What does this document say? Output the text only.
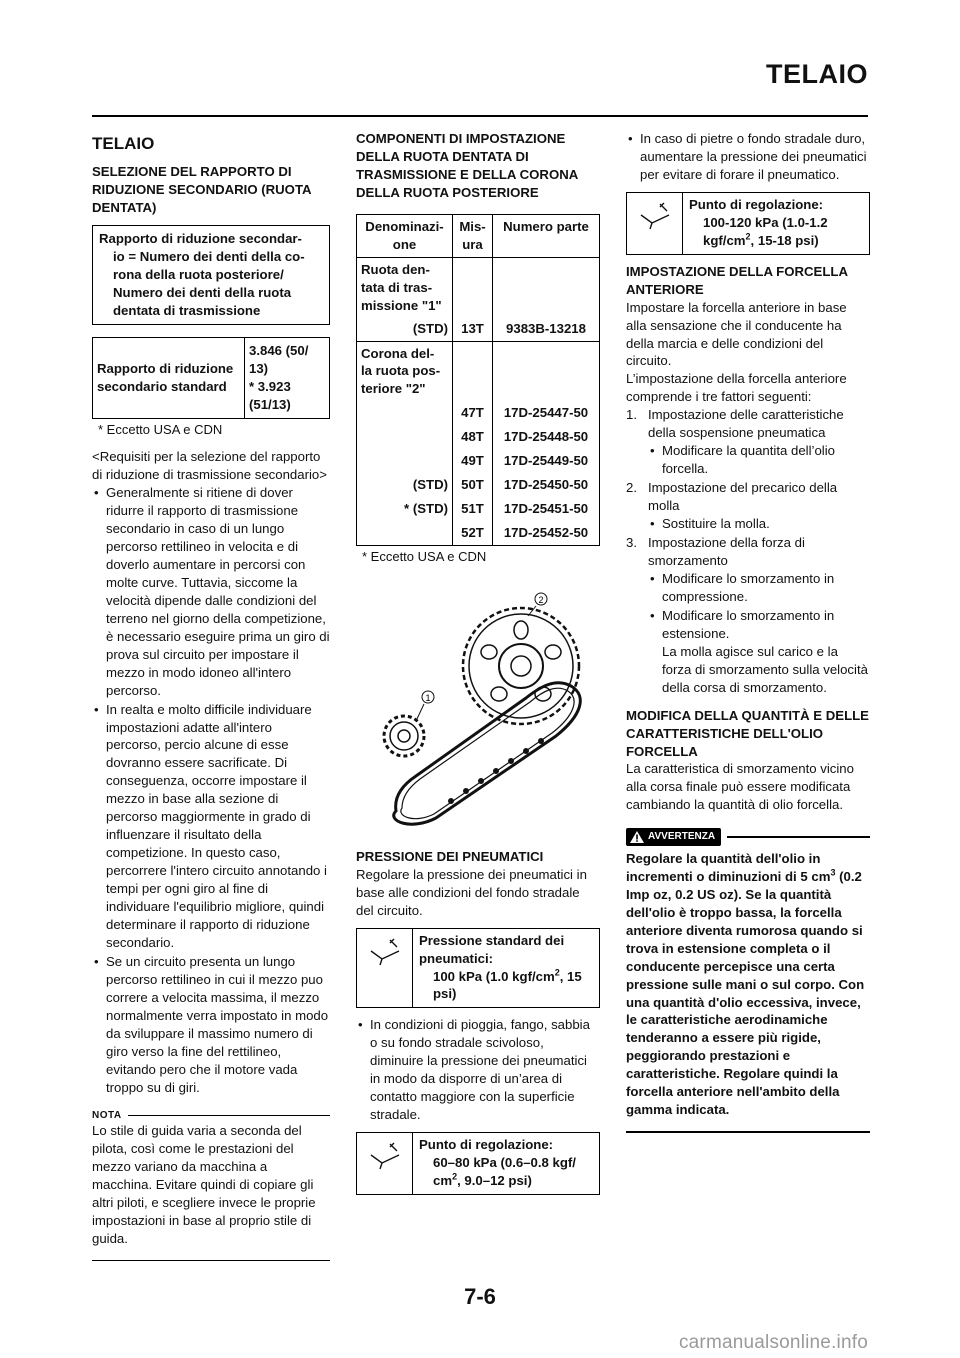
TELAIO
TELAIO
SELEZIONE DEL RAPPORTO DI RIDUZIONE SECONDARIO (RUOTA DENTATA)
Rapporto di riduzione secondar-
io = Numero dei denti della co-
rona della ruota posteriore/
Numero dei denti della ruota
dentata di trasmissione
Rapporto di riduzione secondario standard	
3.846 (50/ 13)
* 3.923 (51/13)

* Eccetto USA e CDN

<Requisiti per la selezione del rapporto di riduzione di trasmissione secondario>

• Generalmente si ritiene di dover ridurre il rapporto di trasmissione secondario in caso di un lungo percorso rettilineo in velocita e di doverlo aumentare in percorsi con molte curve. Tuttavia, siccome la velocità dipende dalle condizioni del terreno nel giorno della competizione, è necessario eseguire prima un giro di prova sul circuito per impostare il mezzo in modo idoneo all'intero percorso.
• In realta e molto difficile individuare impostazioni adatte all'intero percorso, percio alcune di esse dovranno essere sacrificate. Di conseguenza, occorre impostare il mezzo in base alla sezione di percorso maggiormente in grado di influenzare il risultato della competizione. In questo caso, percorrere l'intero circuito annotando i tempi per ogni giro al fine di individuare l'equilibrio migliore, quindi determinare il rapporto di riduzione secondario.
• Se un circuito presenta un lungo percorso rettilineo in cui il mezzo puo correre a velocita massima, il mezzo normalmente verra impostato in modo da sviluppare il massimo numero di giro verso la fine del rettilineo, evitando pero che il motore vada troppo su di giri.
NOTA

Lo stile di guida varia a seconda del pilota, così come le prestazioni del mezzo variano da macchina a macchina. Evitare quindi di copiare gli altri piloti, e scegliere invece le proprie impostazioni in base al proprio stile di guida.

COMPONENTI DI IMPOSTAZIONE DELLA RUOTA DENTATA DI TRASMISSIONE E DELLA CORONA DELLA RUOTA POSTERIORE
Denominazi- one	Mis- ura	Numero parte
Ruota den- tata di tras- missione "1"		
(STD)	13T	9383B-13218
Corona del- la ruota pos- teriore "2"		
	47T	17D-25447-50
	48T	17D-25448-50
	49T	17D-25449-50
(STD)	50T	17D-25450-50
* (STD)	51T	17D-25451-50
	52T	17D-25452-50

* Eccetto USA e CDN

1
2
PRESSIONE DEI PNEUMATICI

Regolare la pressione dei pneumatici in base alle condizioni del fondo stradale del circuito.

Pressione standard dei pneumatici:
100 kPa (1.0 kgf/$cm^2$, 15 psi)
• In condizioni di pioggia, fango, sabbia o su fondo stradale scivoloso, diminuire la pressione dei pneumatici in modo da disporre di un’area di contatto maggiore con la superficie stradale.
Punto di regolazione:
60–80 kPa (0.6–0.8 kgf/ $cm^2$, 9.0–12 psi)
• In caso di pietre o fondo stradale duro, aumentare la pressione dei pneumatici per evitare di forare il pneumatico.
Punto di regolazione:
100-120 kPa (1.0-1.2 kgf/$cm^2$, 15-18 psi)
IMPOSTAZIONE DELLA FORCELLA ANTERIORE

Impostare la forcella anteriore in base alla sensazione che il conducente ha della marcia e delle condizioni del circuito.

L’impostazione della forcella anteriore comprende i tre fattori seguenti:

1. Impostazione delle caratteristiche della sospensione pneumatica
• Modificare la quantita dell’olio forcella.
2. Impostazione del precarico della molla
• Sostituire la molla.
3. Impostazione della forza di smorzamento
• Modificare lo smorzamento in compressione.
• Modificare lo smorzamento in estensione.
La molla agisce sul carico e la forza di smorzamento sulla velocità della corsa di smorzamento.
MODIFICA DELLA QUANTITÀ E DELLE CARATTERISTICHE DELL'OLIO FORCELLA

La caratteristica di smorzamento vicino alla corsa finale può essere modificata cambiando la quantità di olio forcella.

AVVERTENZA

Regolare la quantità dell'olio in incrementi o diminuzioni di 5 $cm^3$ (0.2 Imp oz, 0.2 US oz). Se la quantità dell'olio è troppo bassa, la forcella anteriore diventa rumorosa quando si trova in estensione completa o il conducente percepisce una certa pressione sulle mani o sul corpo. Con una quantità d'olio eccessiva, invece, le caratteristiche aerodinamiche tenderanno a essere più rigide, peggiorando prestazioni e caratteristiche. Regolare quindi la forcella anteriore nell'ambito della gamma indicata.

7-6
carmanualsonline.info
